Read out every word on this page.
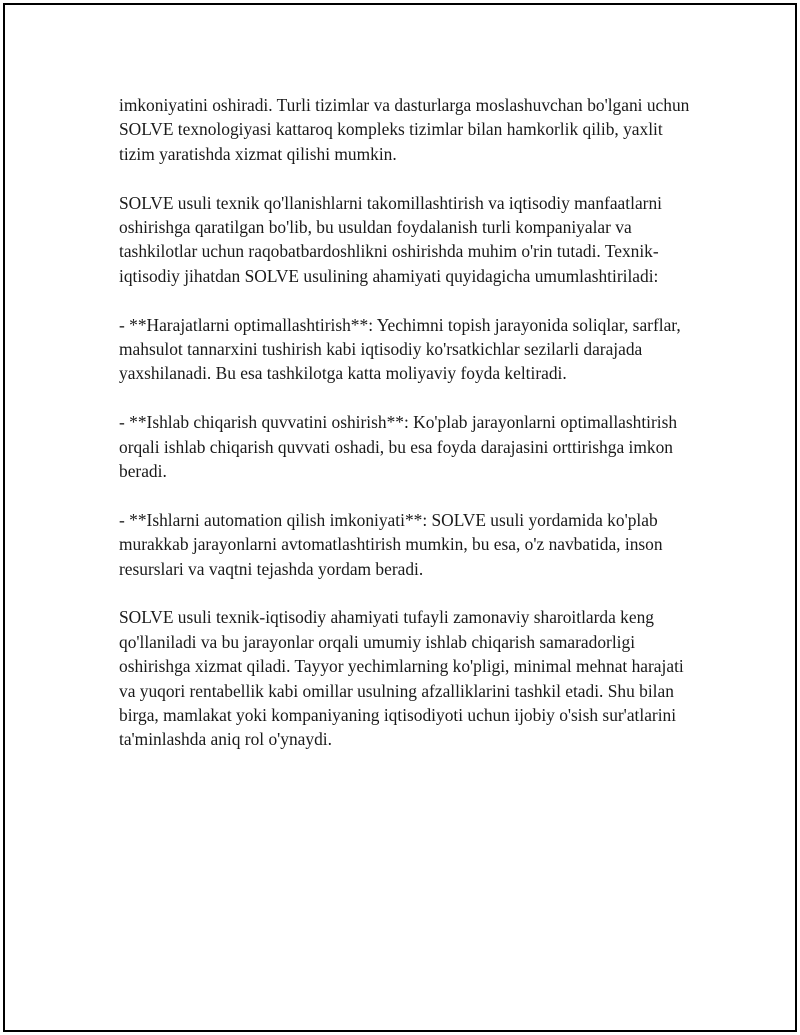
imkoniyatini oshiradi. Turli tizimlar va dasturlarga moslashuvchan bo'lgani uchun SOLVE texnologiyasi kattaroq kompleks tizimlar bilan hamkorlik qilib, yaxlit tizim yaratishda xizmat qilishi mumkin.

SOLVE usuli texnik qo'llanishlarni takomillashtirish va iqtisodiy manfaatlarni oshirishga qaratilgan bo'lib, bu usuldan foydalanish turli kompaniyalar va tashkilotlar uchun raqobatbardoshlikni oshirishda muhim o'rin tutadi. Texnik-iqtisodiy jihatdan SOLVE usulining ahamiyati quyidagicha umumlashtiriladi:

- **Harajatlarni optimallashtirish**: Yechimni topish jarayonida soliqlar, sarflar, mahsulot tannarxini tushirish kabi iqtisodiy ko'rsatkichlar sezilarli darajada yaxshilanadi. Bu esa tashkilotga katta moliyaviy foyda keltiradi.

- **Ishlab chiqarish quvvatini oshirish**: Ko'plab jarayonlarni optimallashtirish orqali ishlab chiqarish quvvati oshadi, bu esa foyda darajasini orttirishga imkon beradi.

- **Ishlarni automation qilish imkoniyati**: SOLVE usuli yordamida ko'plab murakkab jarayonlarni avtomatlashtirish mumkin, bu esa, o'z navbatida, inson resurslari va vaqtni tejashda yordam beradi.

SOLVE usuli texnik-iqtisodiy ahamiyati tufayli zamonaviy sharoitlarda keng qo'llaniladi va bu jarayonlar orqali umumiy ishlab chiqarish samaradorligi oshirishga xizmat qiladi. Tayyor yechimlarning ko'pligi, minimal mehnat harajati va yuqori rentabellik kabi omillar usulning afzalliklarini tashkil etadi. Shu bilan birga, mamlakat yoki kompaniyaning iqtisodiyoti uchun ijobiy o'sish sur'atlarini ta'minlashda aniq rol o'ynaydi.
